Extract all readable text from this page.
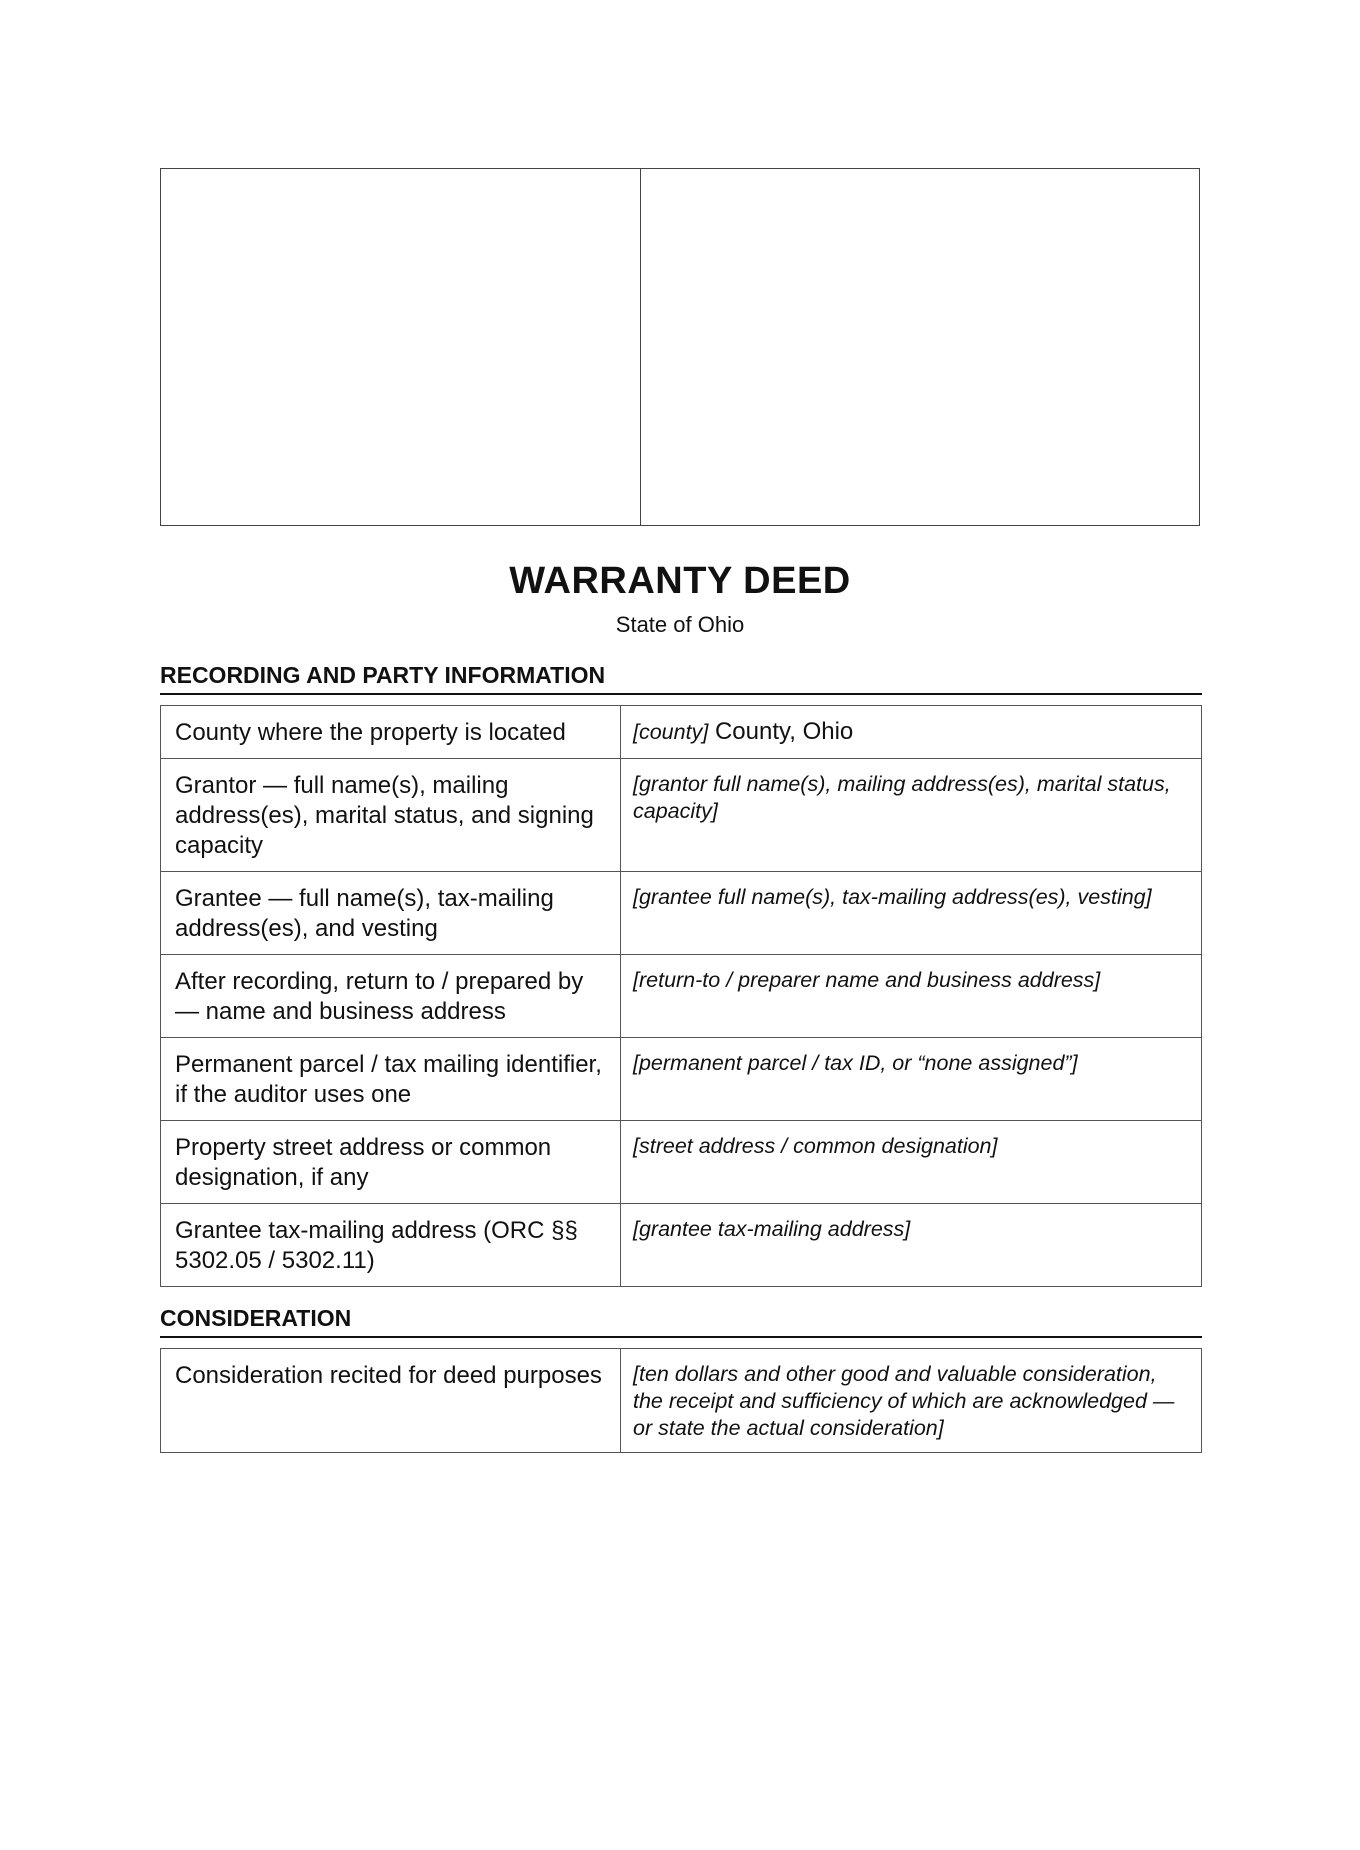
WARRANTY DEED
State of Ohio
RECORDING AND PARTY INFORMATION
County where the property is located	[county] County, Ohio
Grantor — full name(s), mailing address(es), marital status, and signing capacity	[grantor full name(s), mailing address(es), marital status, capacity]
Grantee — full name(s), tax-mailing address(es), and vesting	[grantee full name(s), tax-mailing address(es), vesting]
After recording, return to / prepared by — name and business address	[return-to / preparer name and business address]
Permanent parcel / tax mailing identifier, if the auditor uses one	[permanent parcel / tax ID, or “none assigned”]
Property street address or common designation, if any	[street address / common designation]
Grantee tax-mailing address (ORC §§ 5302.05 / 5302.11)	[grantee tax-mailing address]
CONSIDERATION
Consideration recited for deed purposes	[ten dollars and other good and valuable consideration, the receipt and sufficiency of which are acknowledged — or state the actual consideration]
